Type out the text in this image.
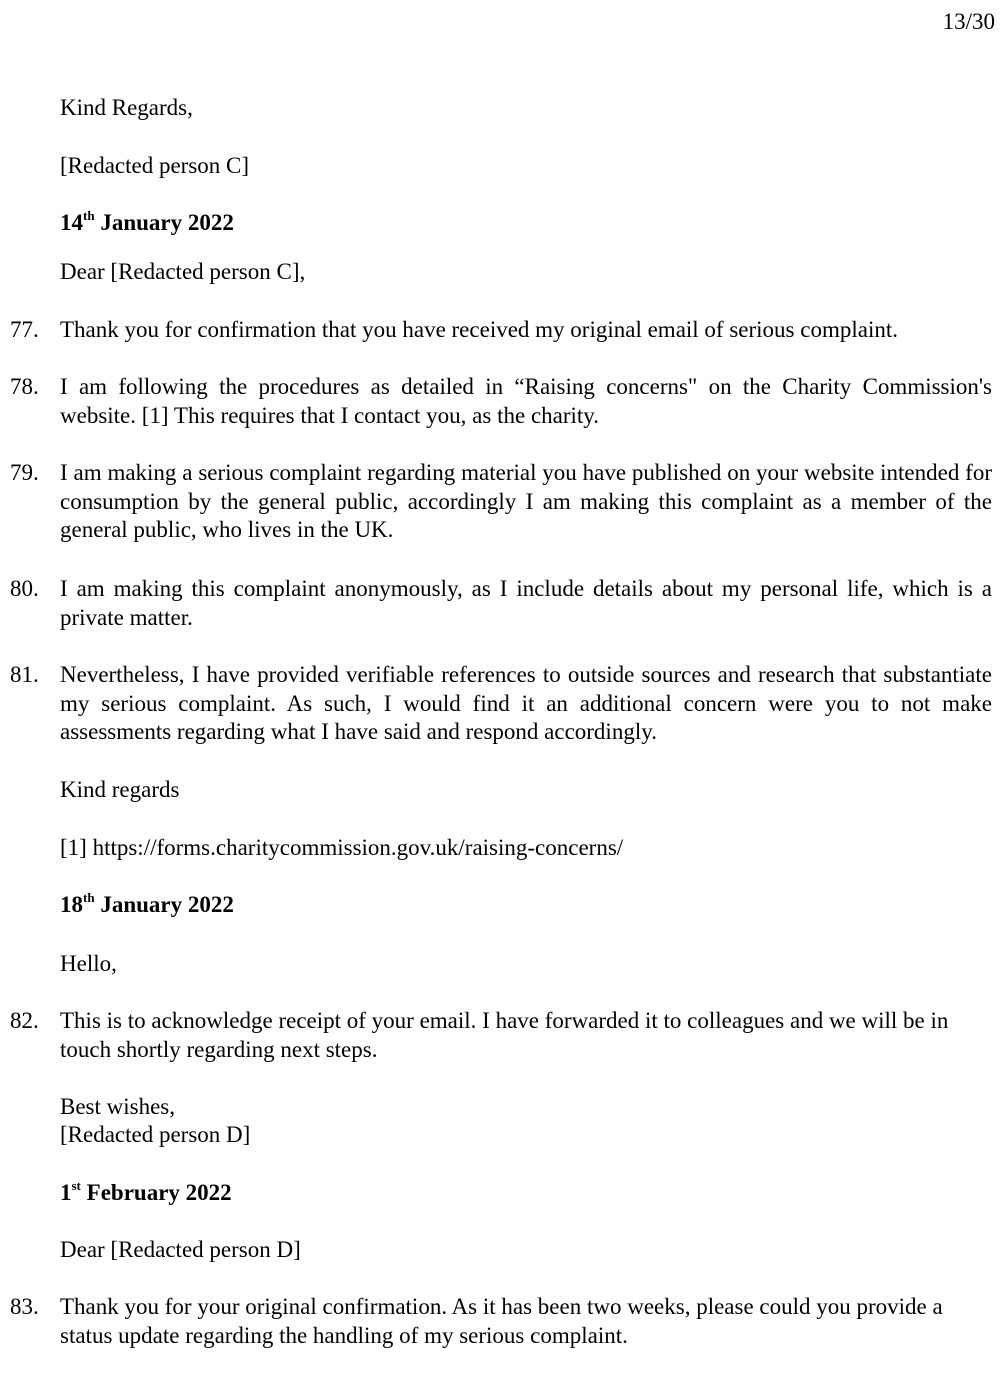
13/30

Kind Regards,

[Redacted person C]

14th January 2022

Dear [Redacted person C],

77. Thank you for confirmation that you have received my original email of serious complaint.
78. I am following the procedures as detailed in “Raising concerns" on the Charity Commission's website. [1] This requires that I contact you, as the charity.
79. I am making a serious complaint regarding material you have published on your website intended for consumption by the general public, accordingly I am making this complaint as a member of the general public, who lives in the UK.
80. I am making this complaint anonymously, as I include details about my personal life, which is a private matter.
81. Nevertheless, I have provided verifiable references to outside sources and research that substantiate my serious complaint. As such, I would find it an additional concern were you to not make assessments regarding what I have said and respond accordingly.

Kind regards

[1] https://forms.charitycommission.gov.uk/raising-concerns/

18th January 2022

Hello,

82. This is to acknowledge receipt of your email. I have forwarded it to colleagues and we will be in touch shortly regarding next steps.

Best wishes,

[Redacted person D]

1st February 2022

Dear [Redacted person D]

83. Thank you for your original confirmation. As it has been two weeks, please could you provide a status update regarding the handling of my serious complaint.
